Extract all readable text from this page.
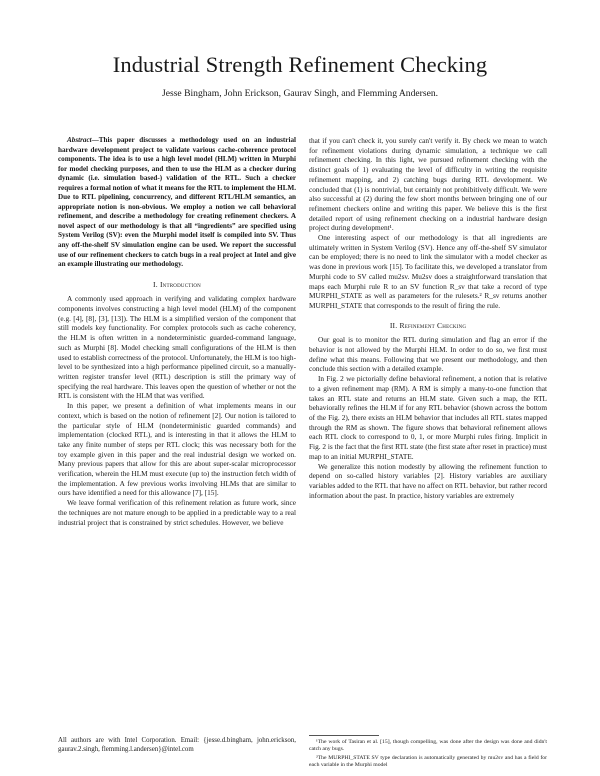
Industrial Strength Refinement Checking
Jesse Bingham, John Erickson, Gaurav Singh, and Flemming Andersen.

Abstract—This paper discusses a methodology used on an industrial hardware development project to validate various cache-coherence protocol components. The idea is to use a high level model (HLM) written in Murphi for model checking purposes, and then to use the HLM as a checker during dynamic (i.e. simulation based-) validation of the RTL. Such a checker requires a formal notion of what it means for the RTL to implement the HLM. Due to RTL pipelining, concurrency, and different RTL/HLM semantics, an appropriate notion is non-obvious. We employ a notion we call behavioral refinement, and describe a methodology for creating refinement checkers. A novel aspect of our methodology is that all “ingredients” are specified using System Verilog (SV): even the Murphi model itself is compiled into SV. Thus any off-the-shelf SV simulation engine can be used. We report the successful use of our refinement checkers to catch bugs in a real project at Intel and give an example illustrating our methodology.

I. Introduction

A commonly used approach in verifying and validating complex hardware components involves constructing a high level model (HLM) of the component (e.g. [4], [8], [3], [13]). The HLM is a simplified version of the component that still models key functionality. For complex protocols such as cache coherency, the HLM is often written in a nondeterministic guarded-command language, such as Murphi [8]. Model checking small configurations of the HLM is then used to establish correctness of the protocol. Unfortunately, the HLM is too high-level to be synthesized into a high performance pipelined circuit, so a manually-written register transfer level (RTL) description is still the primary way of specifying the real hardware. This leaves open the question of whether or not the RTL is consistent with the HLM that was verified.

In this paper, we present a definition of what implements means in our context, which is based on the notion of refinement [2]. Our notion is tailored to the particular style of HLM (nondeterministic guarded commands) and implementation (clocked RTL), and is interesting in that it allows the HLM to take any finite number of steps per RTL clock; this was necessary both for the toy example given in this paper and the real industrial design we worked on. Many previous papers that allow for this are about super-scalar microprocessor verification, wherein the HLM must execute (up to) the instruction fetch width of the implementation. A few previous works involving HLMs that are similar to ours have identified a need for this allowance [7], [15].

We leave formal verification of this refinement relation as future work, since the techniques are not mature enough to be applied in a predictable way to a real industrial project that is constrained by strict schedules. However, we believe

All authors are with Intel Corporation. Email: {jesse.d.bingham, john.erickson, gaurav.2.singh, flemming.l.andersen}@intel.com

that if you can't check it, you surely can't verify it. By check we mean to watch for refinement violations during dynamic simulation, a technique we call refinement checking. In this light, we pursued refinement checking with the distinct goals of 1) evaluating the level of difficulty in writing the requisite refinement mapping, and 2) catching bugs during RTL development. We concluded that (1) is nontrivial, but certainly not prohibitively difficult. We were also successful at (2) during the few short months between bringing one of our refinement checkers online and writing this paper. We believe this is the first detailed report of using refinement checking on a industrial hardware design project during development¹.

One interesting aspect of our methodology is that all ingredients are ultimately written in System Verilog (SV). Hence any off-the-shelf SV simulator can be employed; there is no need to link the simulator with a model checker as was done in previous work [15]. To facilitate this, we developed a translator from Murphi code to SV called mu2sv. Mu2sv does a straightforward translation that maps each Murphi rule R to an SV function R_sv that take a record of type MURPHI_STATE as well as parameters for the rulesets.² R_sv returns another MURPHI_STATE that corresponds to the result of firing the rule.

II. Refinement Checking

Our goal is to monitor the RTL during simulation and flag an error if the behavior is not allowed by the Murphi HLM. In order to do so, we first must define what this means. Following that we present our methodology, and then conclude this section with a detailed example.

In Fig. 2 we pictorially define behavioral refinement, a notion that is relative to a given refinement map (RM). A RM is simply a many-to-one function that takes an RTL state and returns an HLM state. Given such a map, the RTL behaviorally refines the HLM if for any RTL behavior (shown across the bottom of the Fig. 2), there exists an HLM behavior that includes all RTL states mapped through the RM as shown. The figure shows that behavioral refinement allows each RTL clock to correspond to 0, 1, or more Murphi rules firing. Implicit in Fig. 2 is the fact that the first RTL state (the first state after reset in practice) must map to an initial MURPHI_STATE.

We generalize this notion modestly by allowing the refinement function to depend on so-called history variables [2]. History variables are auxiliary variables added to the RTL that have no affect on RTL behavior, but rather record information about the past. In practice, history variables are extremely

¹The work of Tasiran et al. [15], though compelling, was done after the design was done and didn't catch any bugs.

²The MURPHI_STATE SV type declaration is automatically generated by mu2sv and has a field for each variable in the Murphi model
